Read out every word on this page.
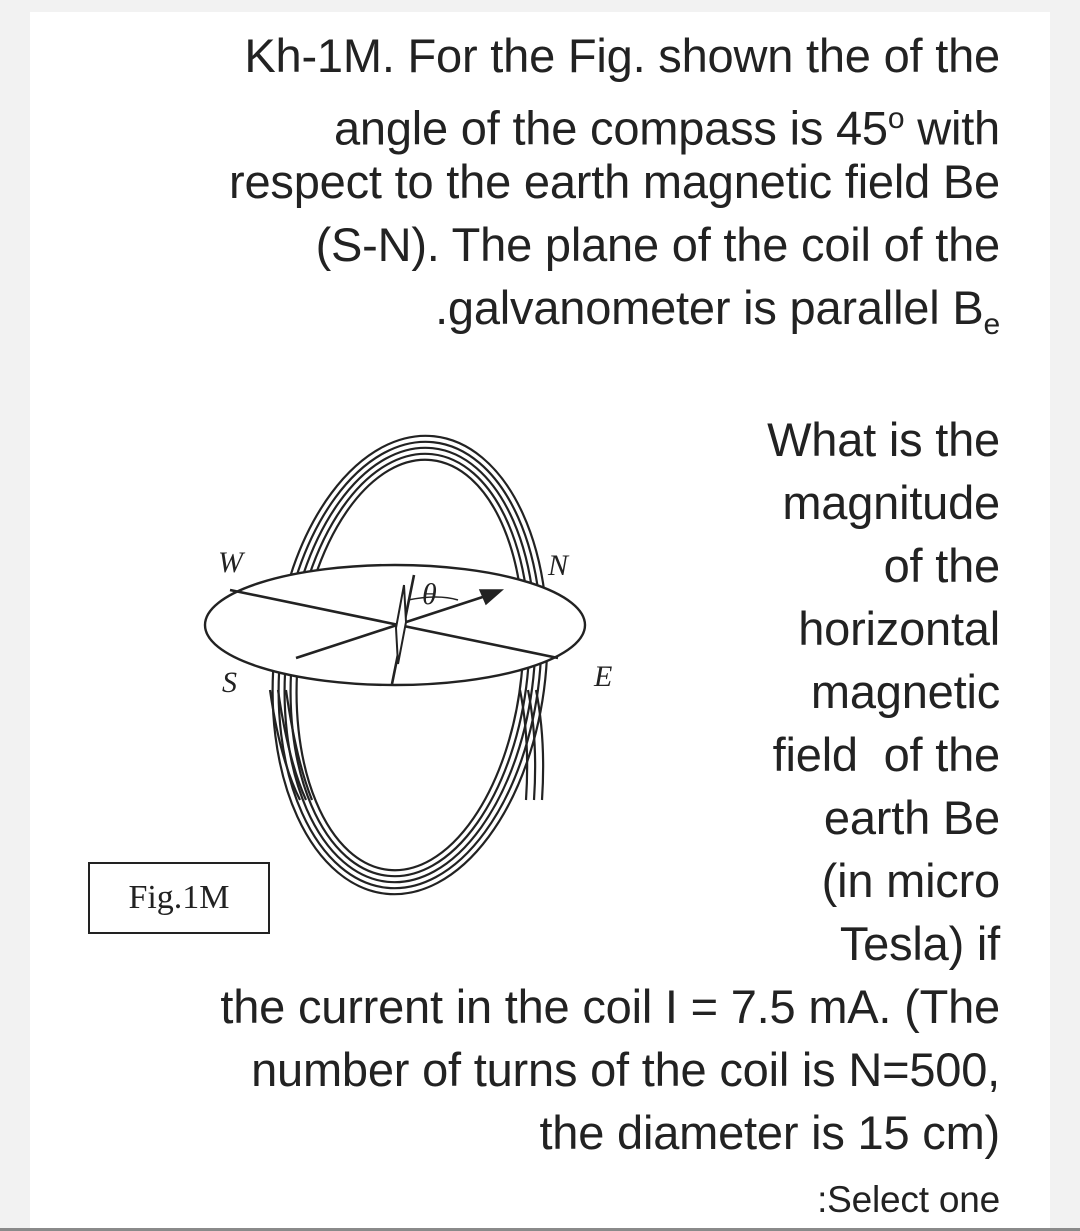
Kh-1M. For the Fig. shown the of the
angle of the compass is 45$^o$ with
respect to the earth magnetic field Be
(S-N). The plane of the coil of the
.galvanometer is parallel $B_e$
What is the
magnitude
of the
horizontal
magnetic
field  of the
earth Be
(in micro
Tesla) if
the current in the coil I = 7.5 mA. (The
number of turns of the coil is N=500,
the diameter is 15 cm)
:Select one
θ
W	N
S	E
Fig.1M
